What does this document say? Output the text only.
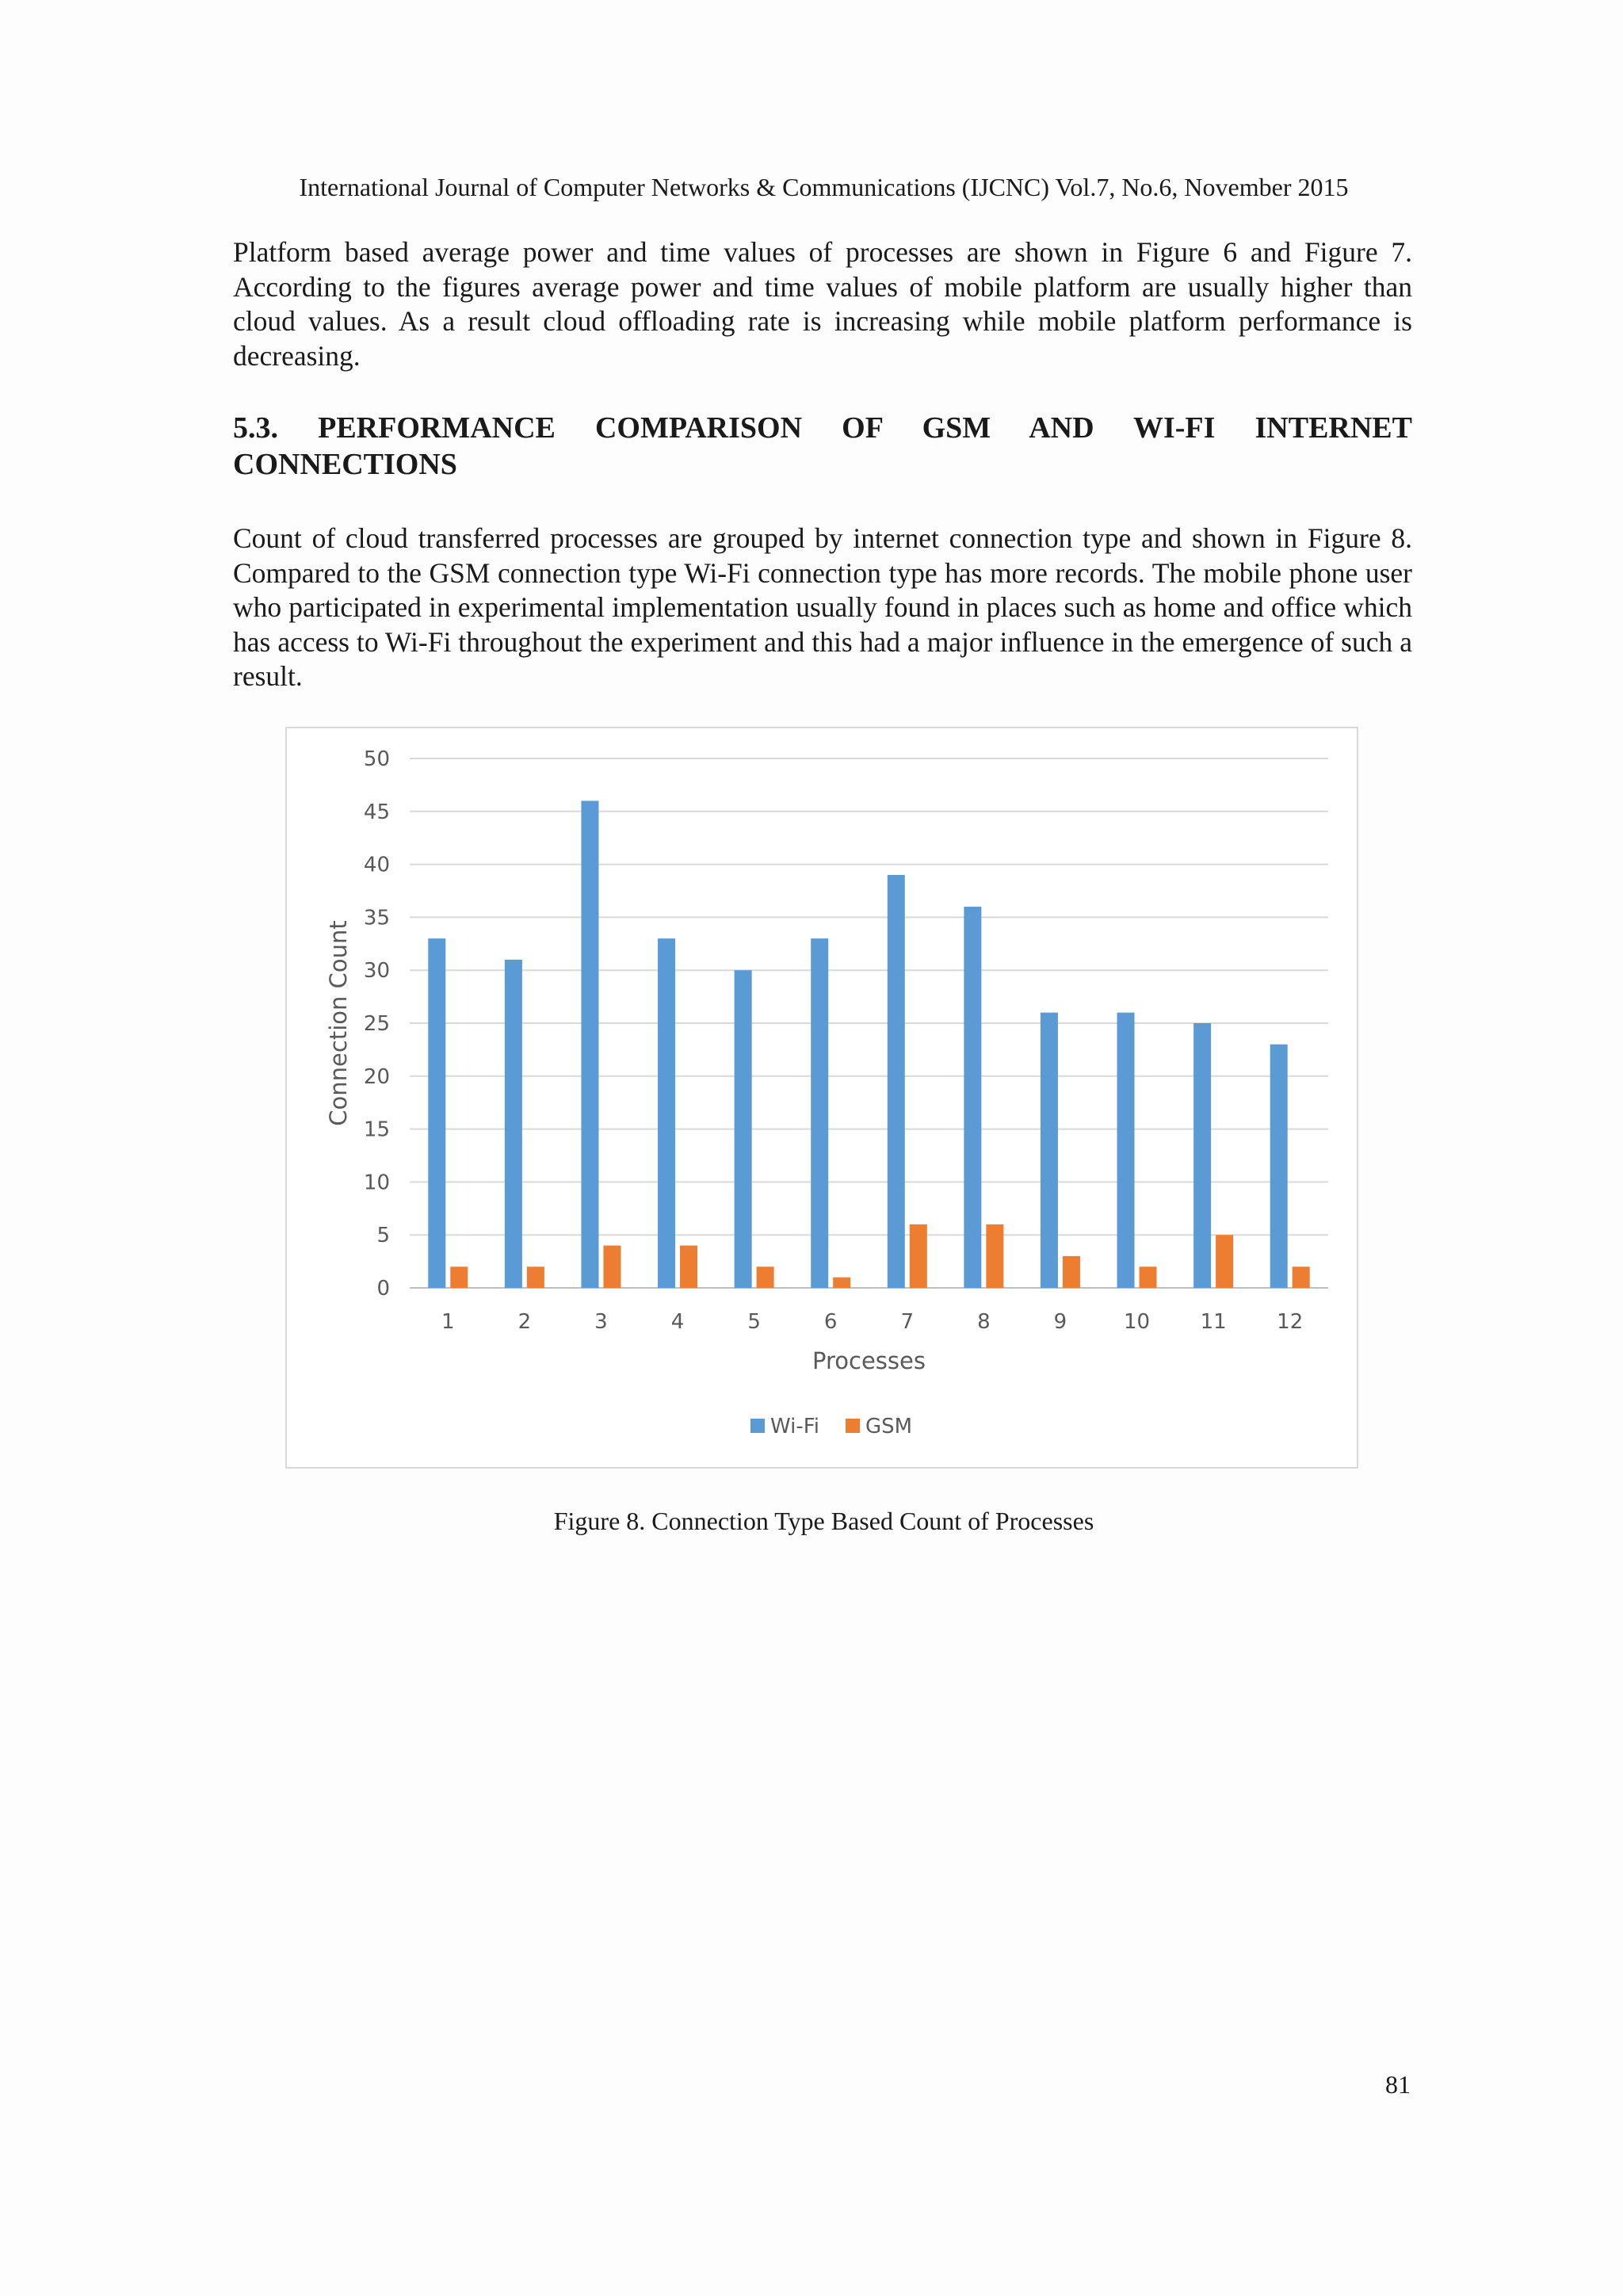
International Journal of Computer Networks & Communications (IJCNC) Vol.7, No.6, November 2015
Platform based average power and time values of processes are shown in Figure 6 and Figure 7. According to the figures average power and time values of mobile platform are usually higher than cloud values. As a result cloud offloading rate is increasing while mobile platform performance is decreasing.
5.3. PERFORMANCE COMPARISON OF GSM AND WI-FI INTERNET CONNECTIONS
Count of cloud transferred processes are grouped by internet connection type and shown in Figure 8. Compared to the GSM connection type Wi-Fi connection type has more records. The mobile phone user who participated in experimental implementation usually found in places such as home and office which has access to Wi-Fi throughout the experiment and this had a major influence in the emergence of such a result.
0
5
10
15
20
25
30
35
40
45
50
1	2	3	4	5	6	7	8	9	10 11 12
Processes
Connection Count
Wi-Fi GSM
Figure 8. Connection Type Based Count of Processes
81
